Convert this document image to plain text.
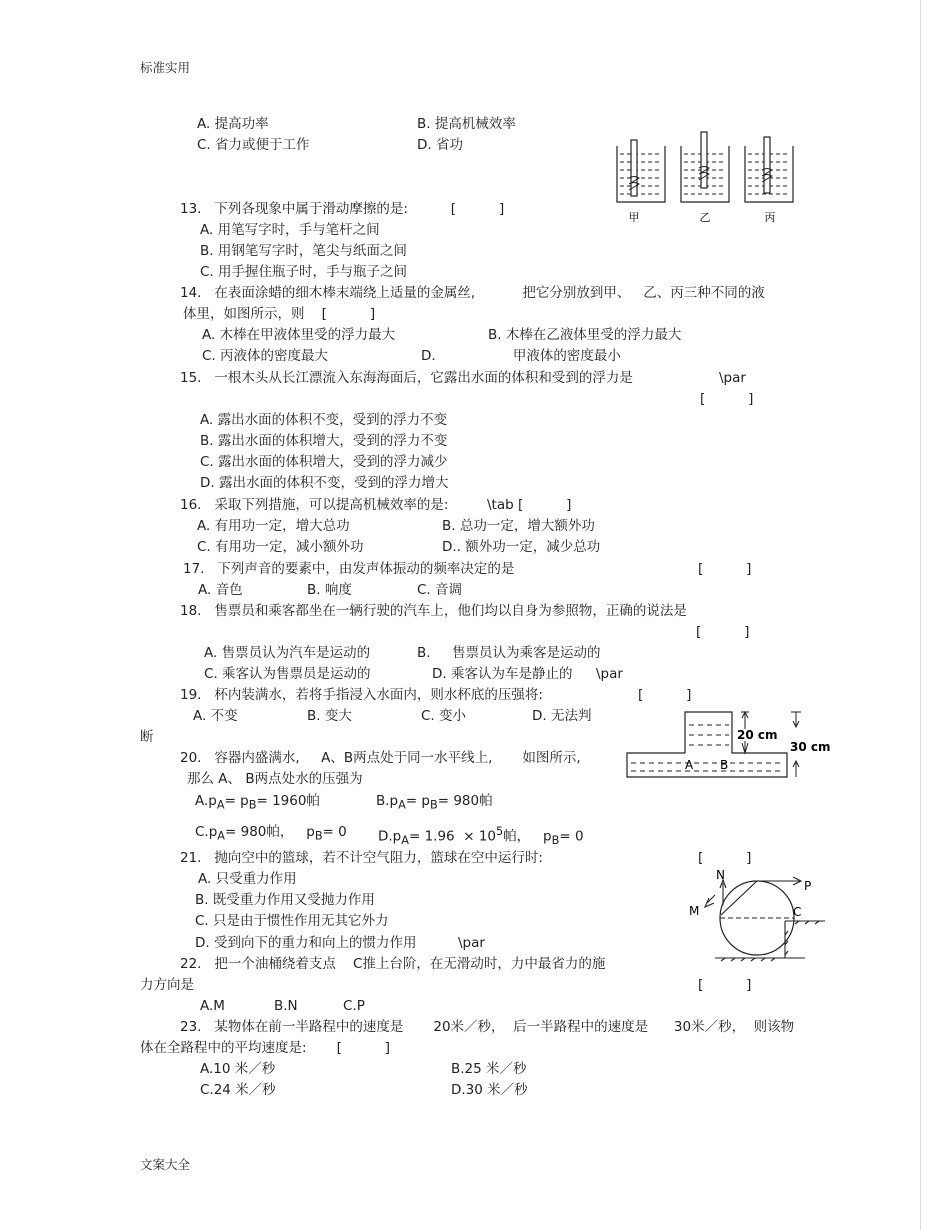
标准实用
文案大全
A. 提高功率	B. 提高机械效率
C. 省力或便于工作	D. 省功
13.   下列各现象中属于滑动摩擦的是:          [          ]
A. 用笔写字时，手与笔杆之间
B. 用钢笔写字时，笔尖与纸面之间
C. 用手握住瓶子时，手与瓶子之间
14.   在表面涂蜡的细木棒末端绕上适量的金属丝,           把它分别放到甲、   乙、丙三种不同的液
体里，如图所示，则    [          ]
A. 木棒在甲液体里受的浮力最大	B. 木棒在乙液体里受的浮力最大
C. 丙液体的密度最大	D.                  甲液体的密度最小
15.   一根木头从长江漂流入东海海面后，它露出水面的体积和受到的浮力是	\par
[          ]
A. 露出水面的体积不变，受到的浮力不变
B. 露出水面的体积增大，受到的浮力不变
C. 露出水面的体积增大，受到的浮力减少
D. 露出水面的体积不变，受到的浮力增大
16.   采取下列措施，可以提高机械效率的是:         \tab [          ]
A. 有用功一定，增大总功	B. 总功一定，增大额外功
C. 有用功一定，减小额外功	D.. 额外功一定，减少总功
17.   下列声音的要素中，由发声体振动的频率决定的是	[          ]
A. 音色	B. 响度	C. 音调
18.   售票员和乘客都坐在一辆行驶的汽车上，他们均以自身为参照物，正确的说法是
[          ]
A. 售票员认为汽车是运动的	B.     售票员认为乘客是运动的
C. 乘客认为售票员是运动的	D. 乘客认为车是静止的 \par
19.   杯内装满水，若将手指浸入水面内，则水杯底的压强将:	[          ]
A. 不变	B. 变大	C. 变小	D. 无法判
断
20.   容器内盛满水,     A、B两点处于同一水平线上,       如图所示,
那么 A、 B两点处水的压强为
$A.p_A= p_B= 1960$帕	$B.p_A= p_B= 980$帕
$C.p_A= 980$帕，   $p_B= 0$ $D.p_A= 1.96 \times 10^5$帕，   $p_B= 0$
21.   抛向空中的篮球，若不计空气阻力，篮球在空中运行时:	[          ]
A. 只受重力作用
B. 既受重力作用又受抛力作用
C. 只是由于惯性作用无其它外力
D. 受到向下的重力和向上的惯力作用	\par
22.   把一个油桶绕着支点    C推上台阶，在无滑动时，力中最省力的施
力方向是	[          ]
A.M	B.N	C.P
23.   某物体在前一半路程中的速度是       20米／秒，  后一半路程中的速度是      30米／秒，  则该物
体在全路程中的平均速度是:       [          ]
A.10 米／秒	B.25 米／秒
C.24 米／秒	D.30 米／秒
甲	乙	丙
20 cm
30 cm
A B
N
P
M	C
